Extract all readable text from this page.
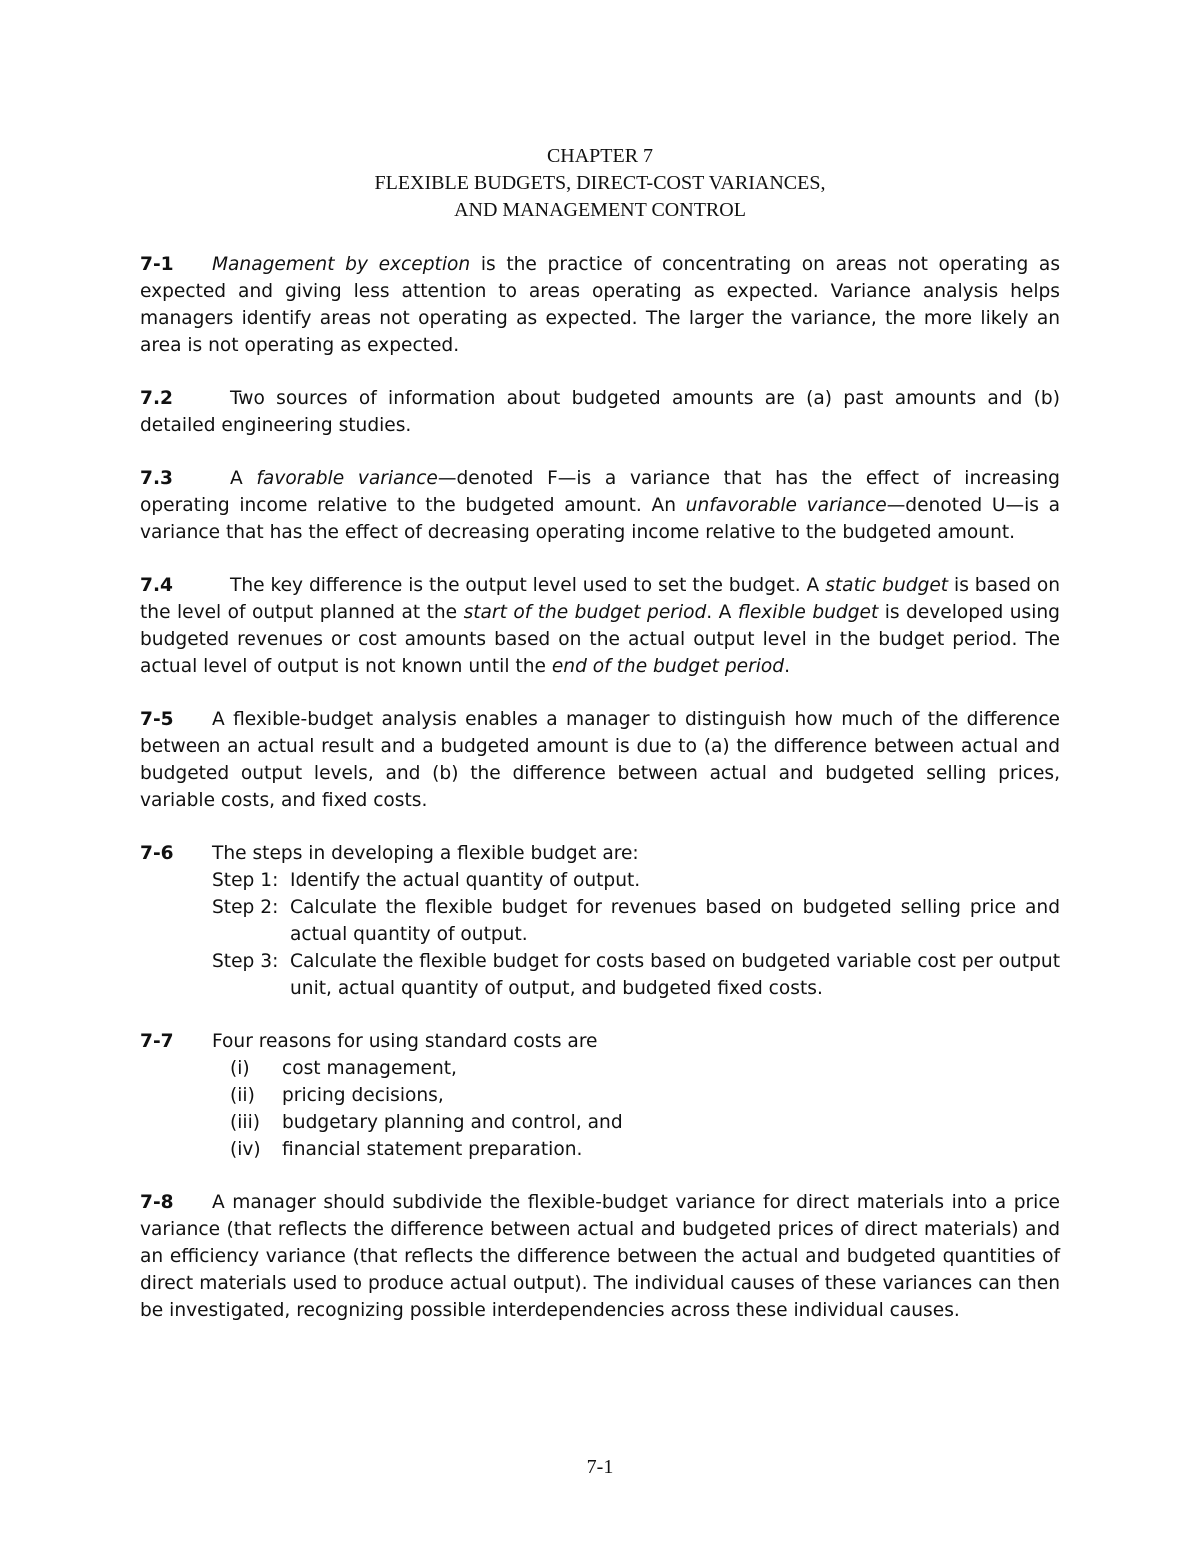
CHAPTER 7
FLEXIBLE BUDGETS, DIRECT-COST VARIANCES,
AND MANAGEMENT CONTROL

7-1 Management by exception is the practice of concentrating on areas not operating as expected and giving less attention to areas operating as expected. Variance analysis helps managers identify areas not operating as expected. The larger the variance, the more likely an area is not operating as expected.

7.2	Two sources of information about budgeted amounts are (a) past amounts and (b) detailed engineering studies.

7.3	A favorable variance—denoted F—is a variance that has the effect of increasing operating income relative to the budgeted amount. An unfavorable variance—denoted U—is a variance that has the effect of decreasing operating income relative to the budgeted amount.

7.4	The key difference is the output level used to set the budget. A static budget is based on the level of output planned at the start of the budget period. A flexible budget is developed using budgeted revenues or cost amounts based on the actual output level in the budget period. The actual level of output is not known until the end of the budget period.

7-5 A flexible-budget analysis enables a manager to distinguish how much of the difference between an actual result and a budgeted amount is due to (a) the difference between actual and budgeted output levels, and (b) the difference between actual and budgeted selling prices, variable costs, and fixed costs.

7-6	The steps in developing a flexible budget are:
Step 1: Identify the actual quantity of output.
Step 2: Calculate the flexible budget for revenues based on budgeted selling price and actual quantity of output.
Step 3: Calculate the flexible budget for costs based on budgeted variable cost per output unit, actual quantity of output, and budgeted fixed costs.
7-7	Four reasons for using standard costs are
(i)	cost management,
(ii)	pricing decisions,
(iii)	budgetary planning and control, and
(iv)	financial statement preparation.

7-8 A manager should subdivide the flexible-budget variance for direct materials into a price variance (that reflects the difference between actual and budgeted prices of direct materials) and an efficiency variance (that reflects the difference between the actual and budgeted quantities of direct materials used to produce actual output). The individual causes of these variances can then be investigated, recognizing possible interdependencies across these individual causes.

7-1
